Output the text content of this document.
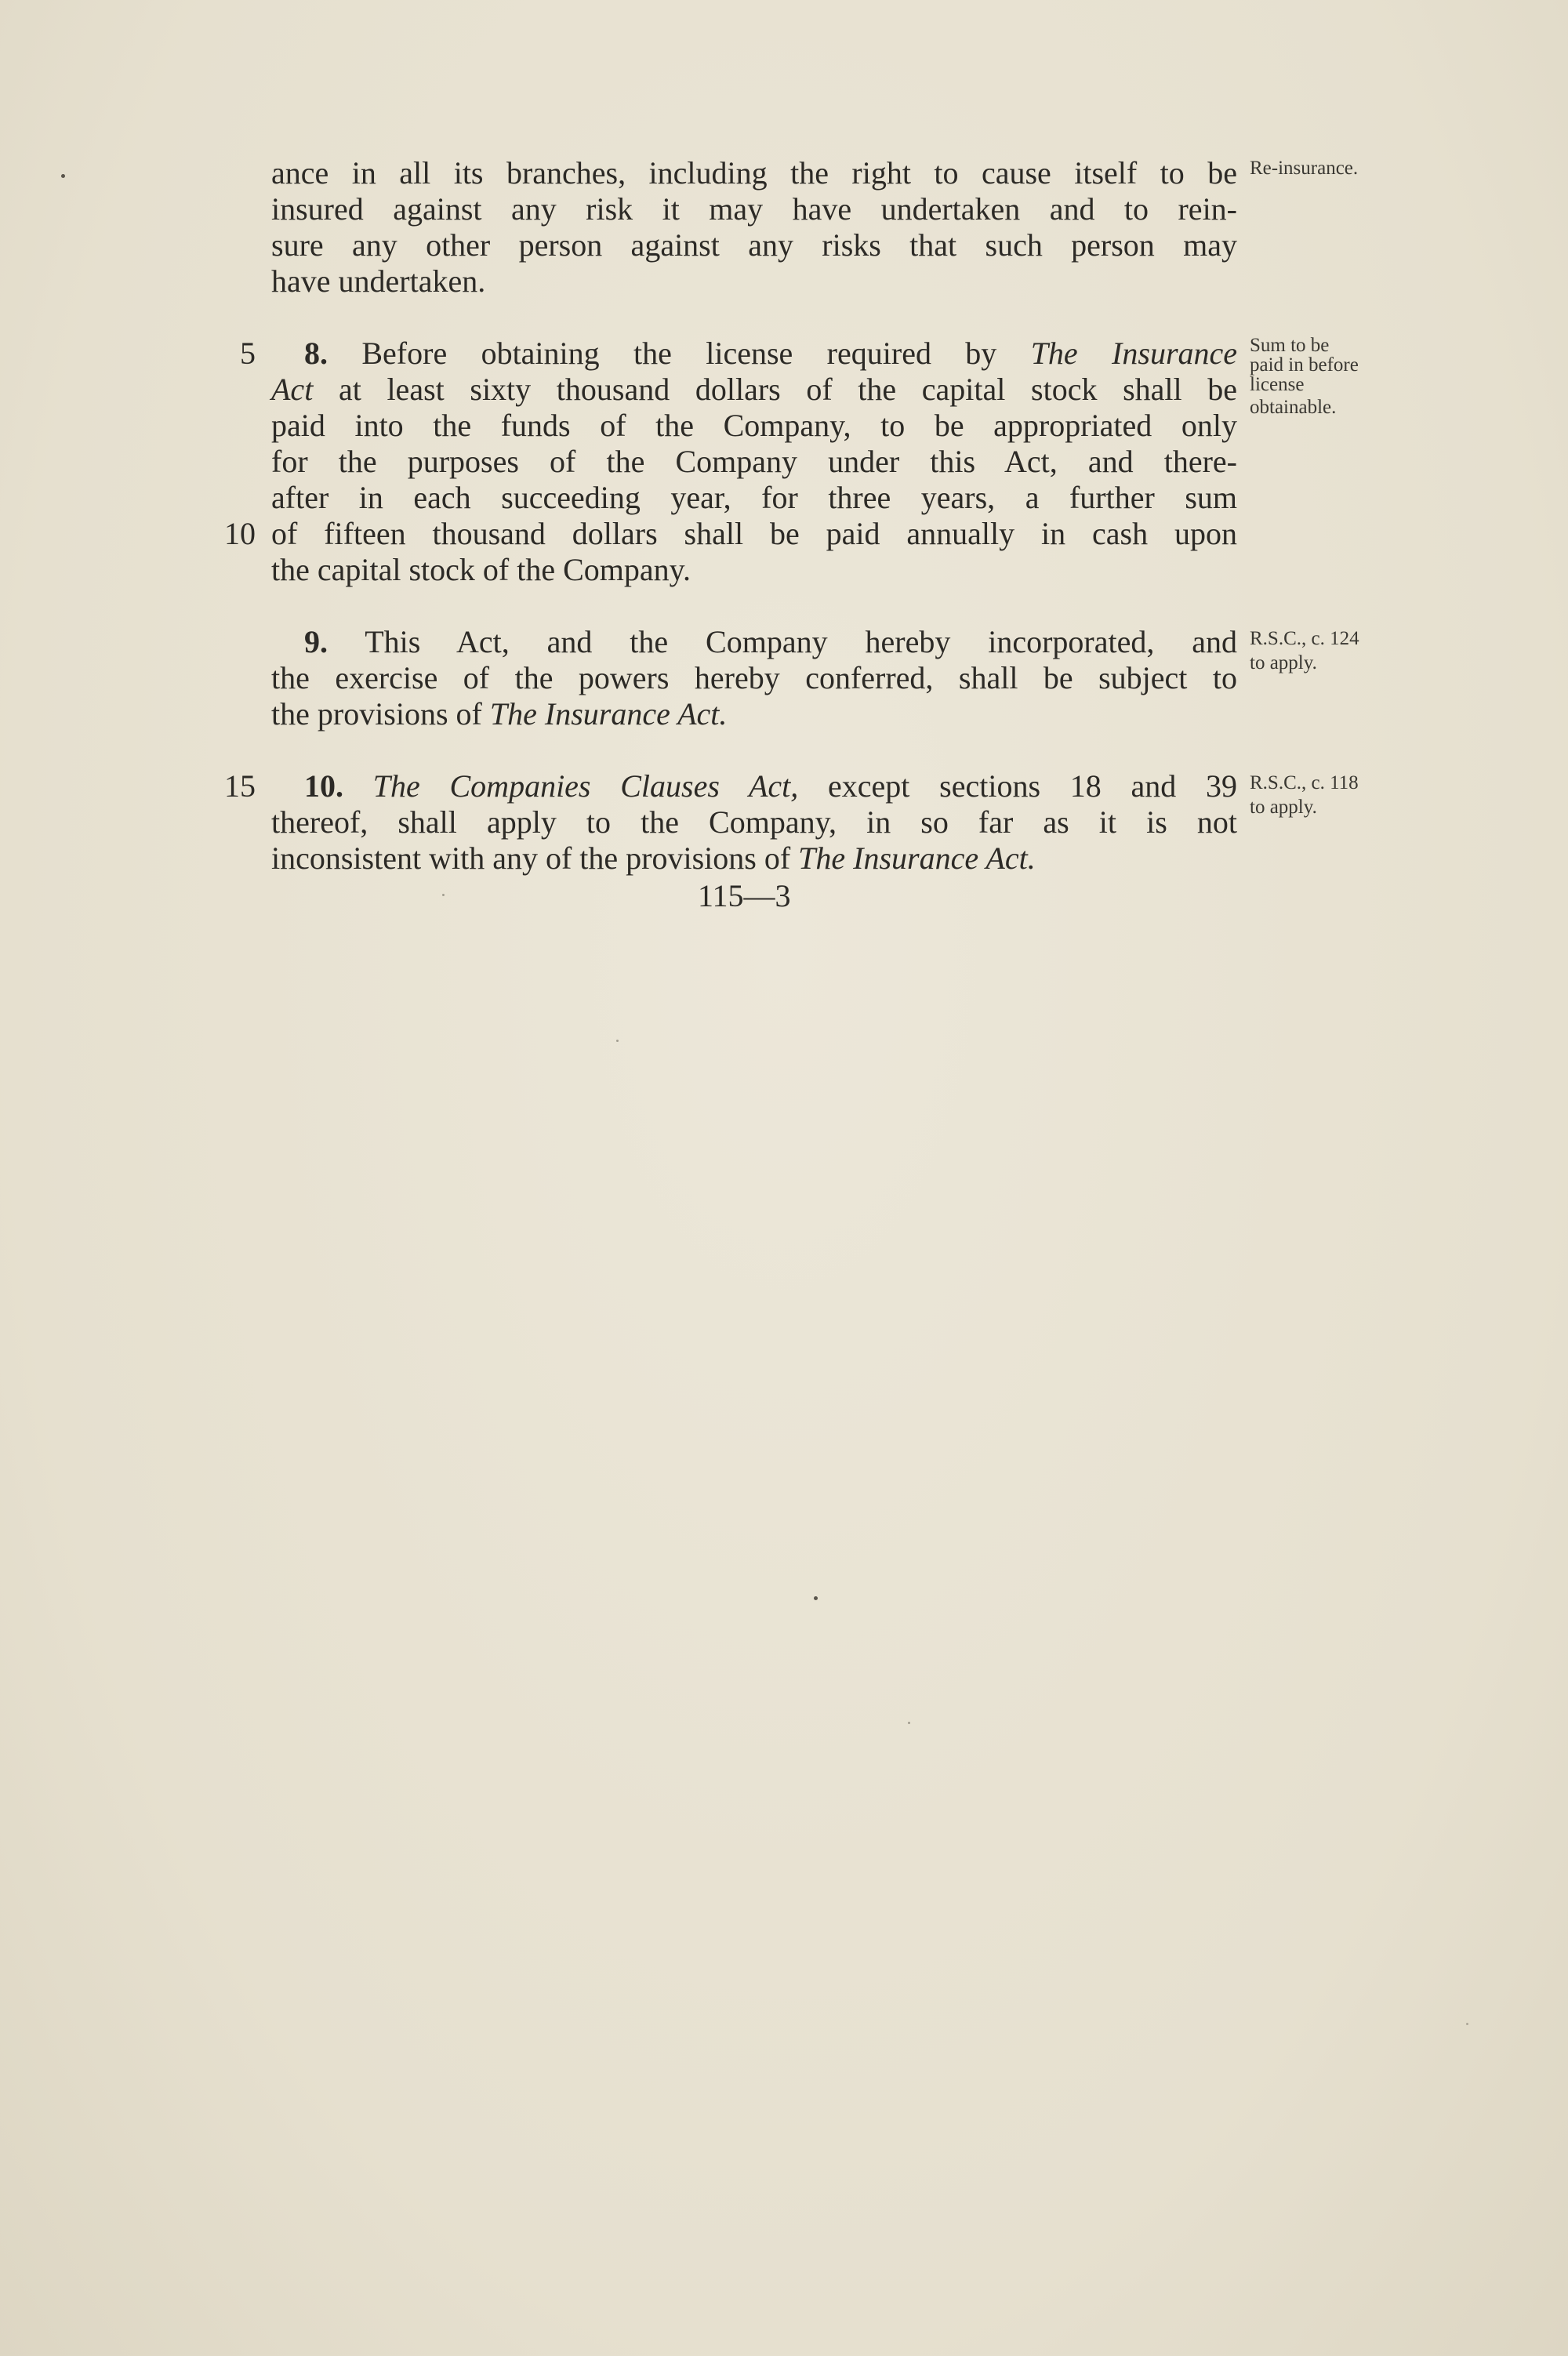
ance in all its branches, including the right to cause itself to be
insured against any risk it may have undertaken and to rein-
sure any other person against any risks that such person may
have undertaken.
Re-insurance.
5 8. Before obtaining the license required by The Insurance
Act at least sixty thousand dollars of the capital stock shall be
paid into the funds of the Company, to be appropriated only
for the purposes of the Company under this Act, and there-
after in each succeeding year, for three years, a further sum
10 of fifteen thousand dollars shall be paid annually in cash upon
the capital stock of the Company.
Sum to be
paid in before
license
obtainable.
9. This Act, and the Company hereby incorporated, and
the exercise of the powers hereby conferred, shall be subject to
the provisions of The Insurance Act.
R.S.C., c. 124
to apply.
15 10. The Companies Clauses Act, except sections 18 and 39
thereof, shall apply to the Company, in so far as it is not
inconsistent with any of the provisions of The Insurance Act.
R.S.C., c. 118
to apply.
115—3
